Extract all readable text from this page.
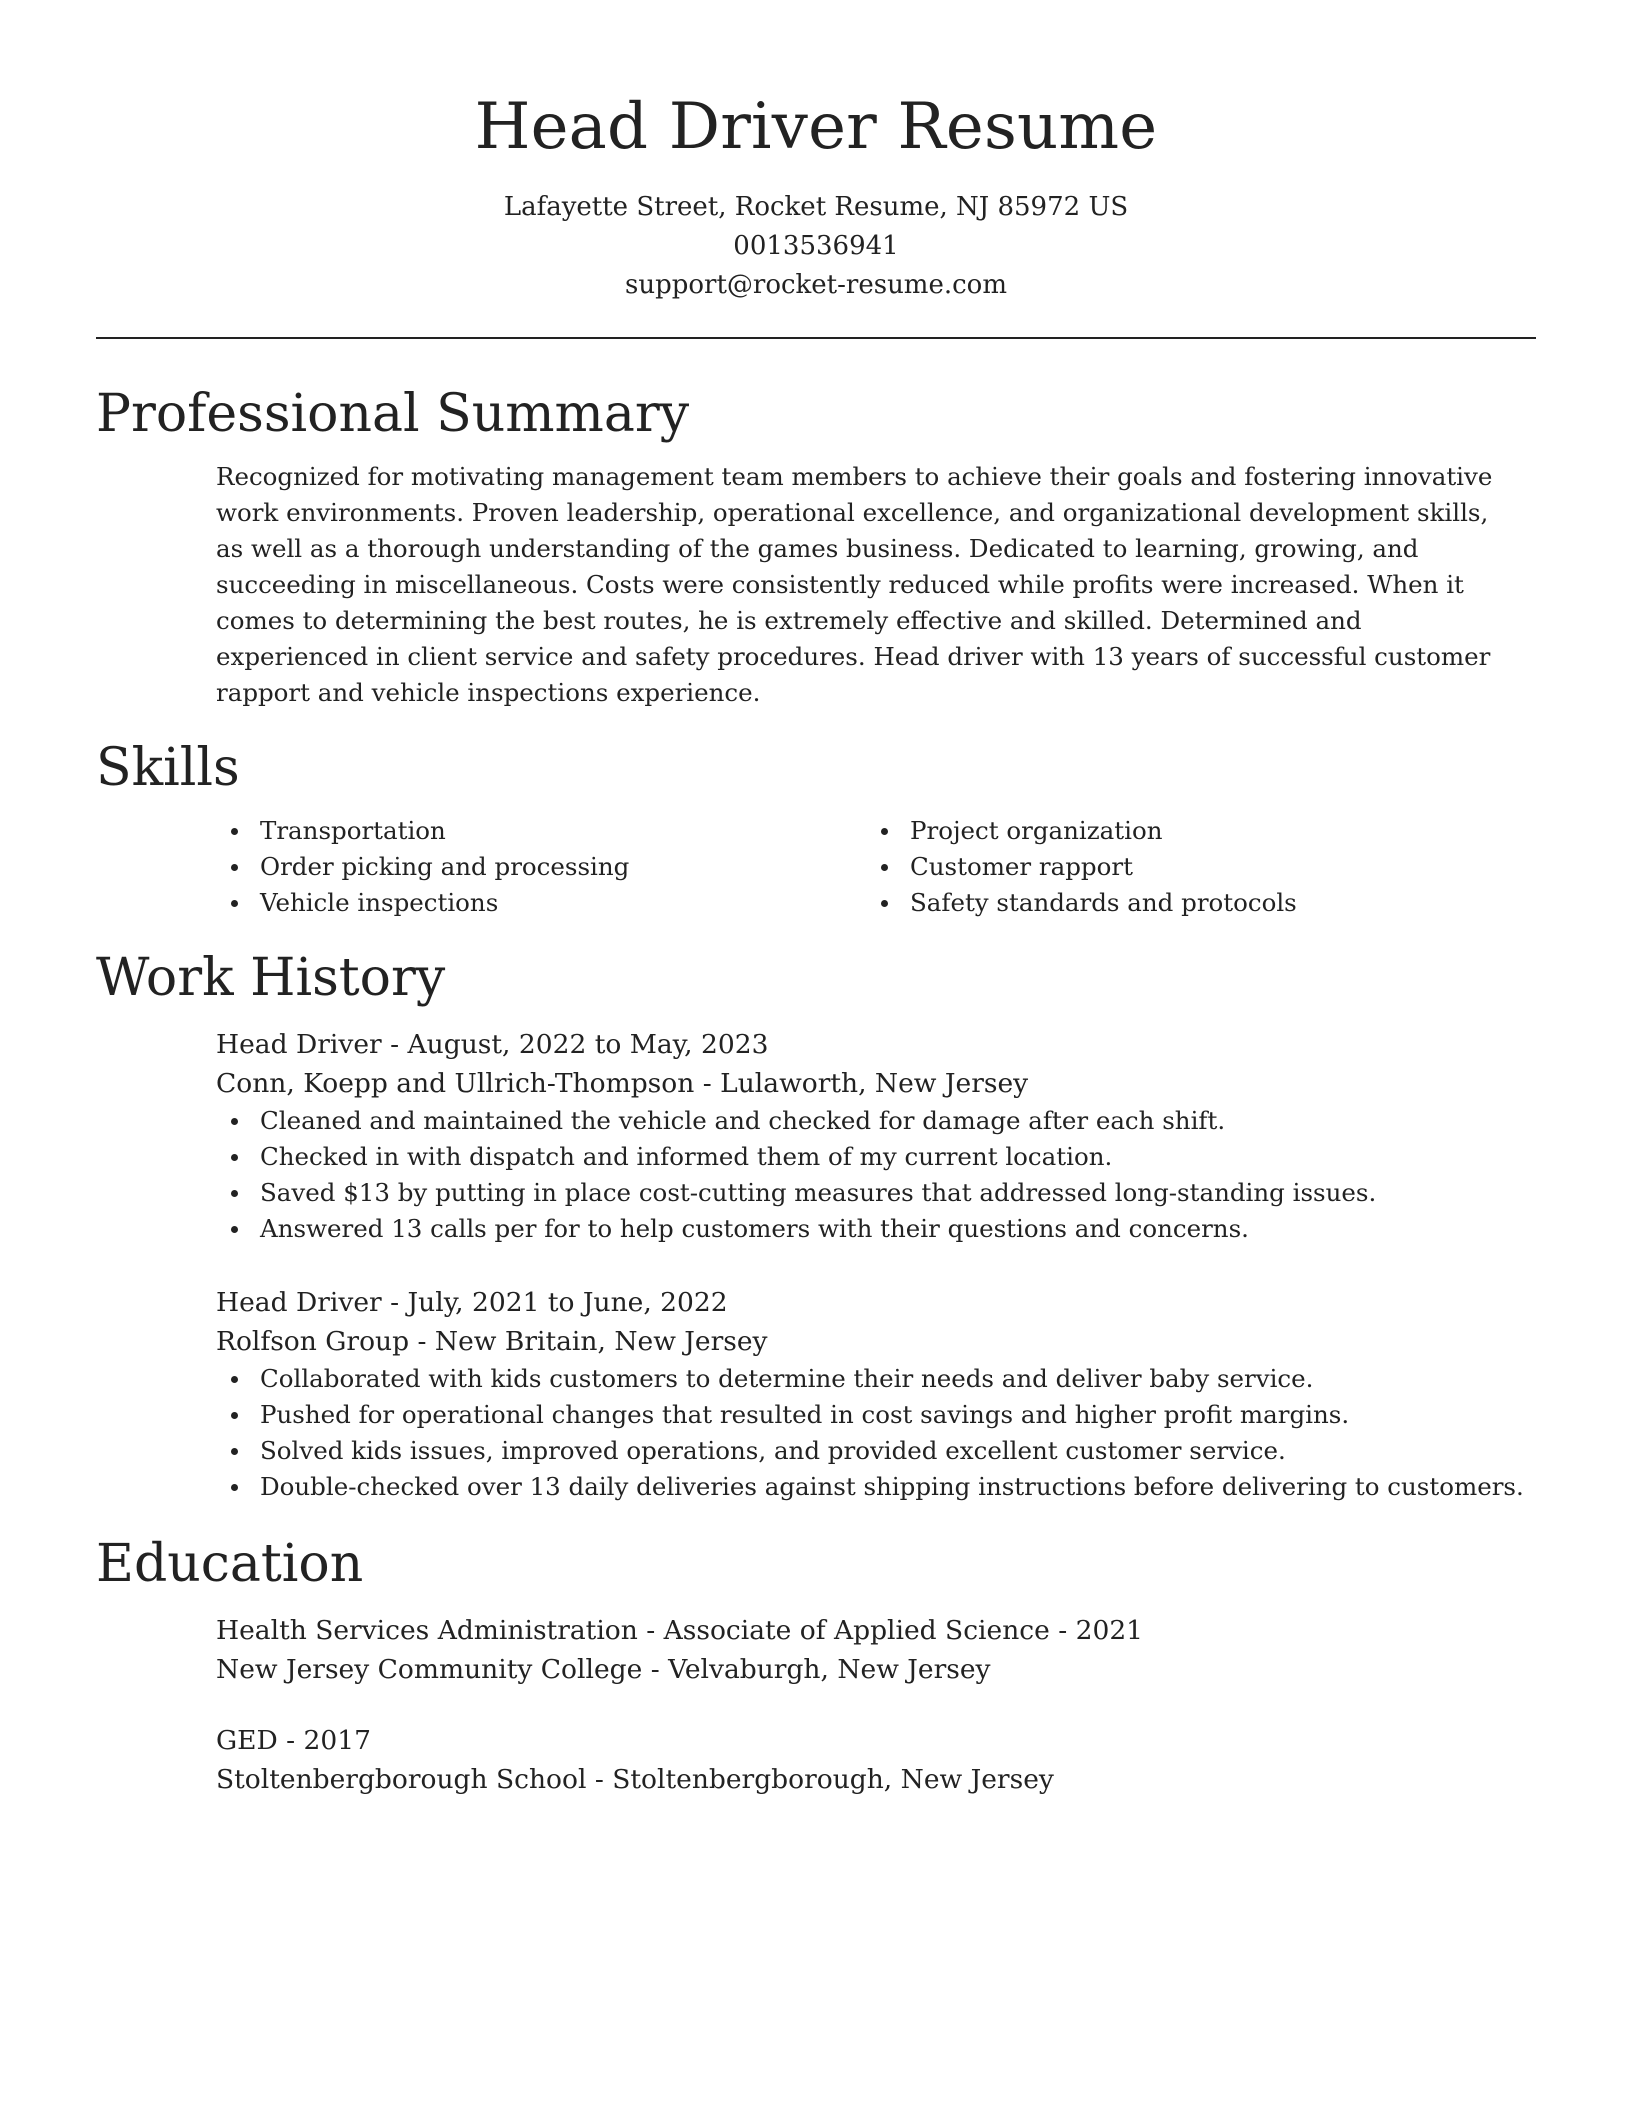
Head Driver Resume
Lafayette Street, Rocket Resume, NJ 85972 US
0013536941
support@rocket-resume.com
Professional Summary

Recognized for motivating management team members to achieve their goals and fostering innovative work environments. Proven leadership, operational excellence, and organizational development skills, as well as a thorough understanding of the games business. Dedicated to learning, growing, and succeeding in miscellaneous. Costs were consistently reduced while profits were increased. When it comes to determining the best routes, he is extremely effective and skilled. Determined and experienced in client service and safety procedures. Head driver with 13 years of successful customer rapport and vehicle inspections experience.

Skills
Transportation
Order picking and processing
Vehicle inspections
Project organization
Customer rapport
Safety standards and protocols
Work History
Head Driver - August, 2022 to May, 2023
Conn, Koepp and Ullrich-Thompson - Lulaworth, New Jersey
Cleaned and maintained the vehicle and checked for damage after each shift.
Checked in with dispatch and informed them of my current location.
Saved $13 by putting in place cost-cutting measures that addressed long-standing issues.
Answered 13 calls per for to help customers with their questions and concerns.
Head Driver - July, 2021 to June, 2022
Rolfson Group - New Britain, New Jersey
Collaborated with kids customers to determine their needs and deliver baby service.
Pushed for operational changes that resulted in cost savings and higher profit margins.
Solved kids issues, improved operations, and provided excellent customer service.
Double-checked over 13 daily deliveries against shipping instructions before delivering to customers.
Education
Health Services Administration - Associate of Applied Science - 2021
New Jersey Community College - Velvaburgh, New Jersey
GED - 2017
Stoltenbergborough School - Stoltenbergborough, New Jersey
